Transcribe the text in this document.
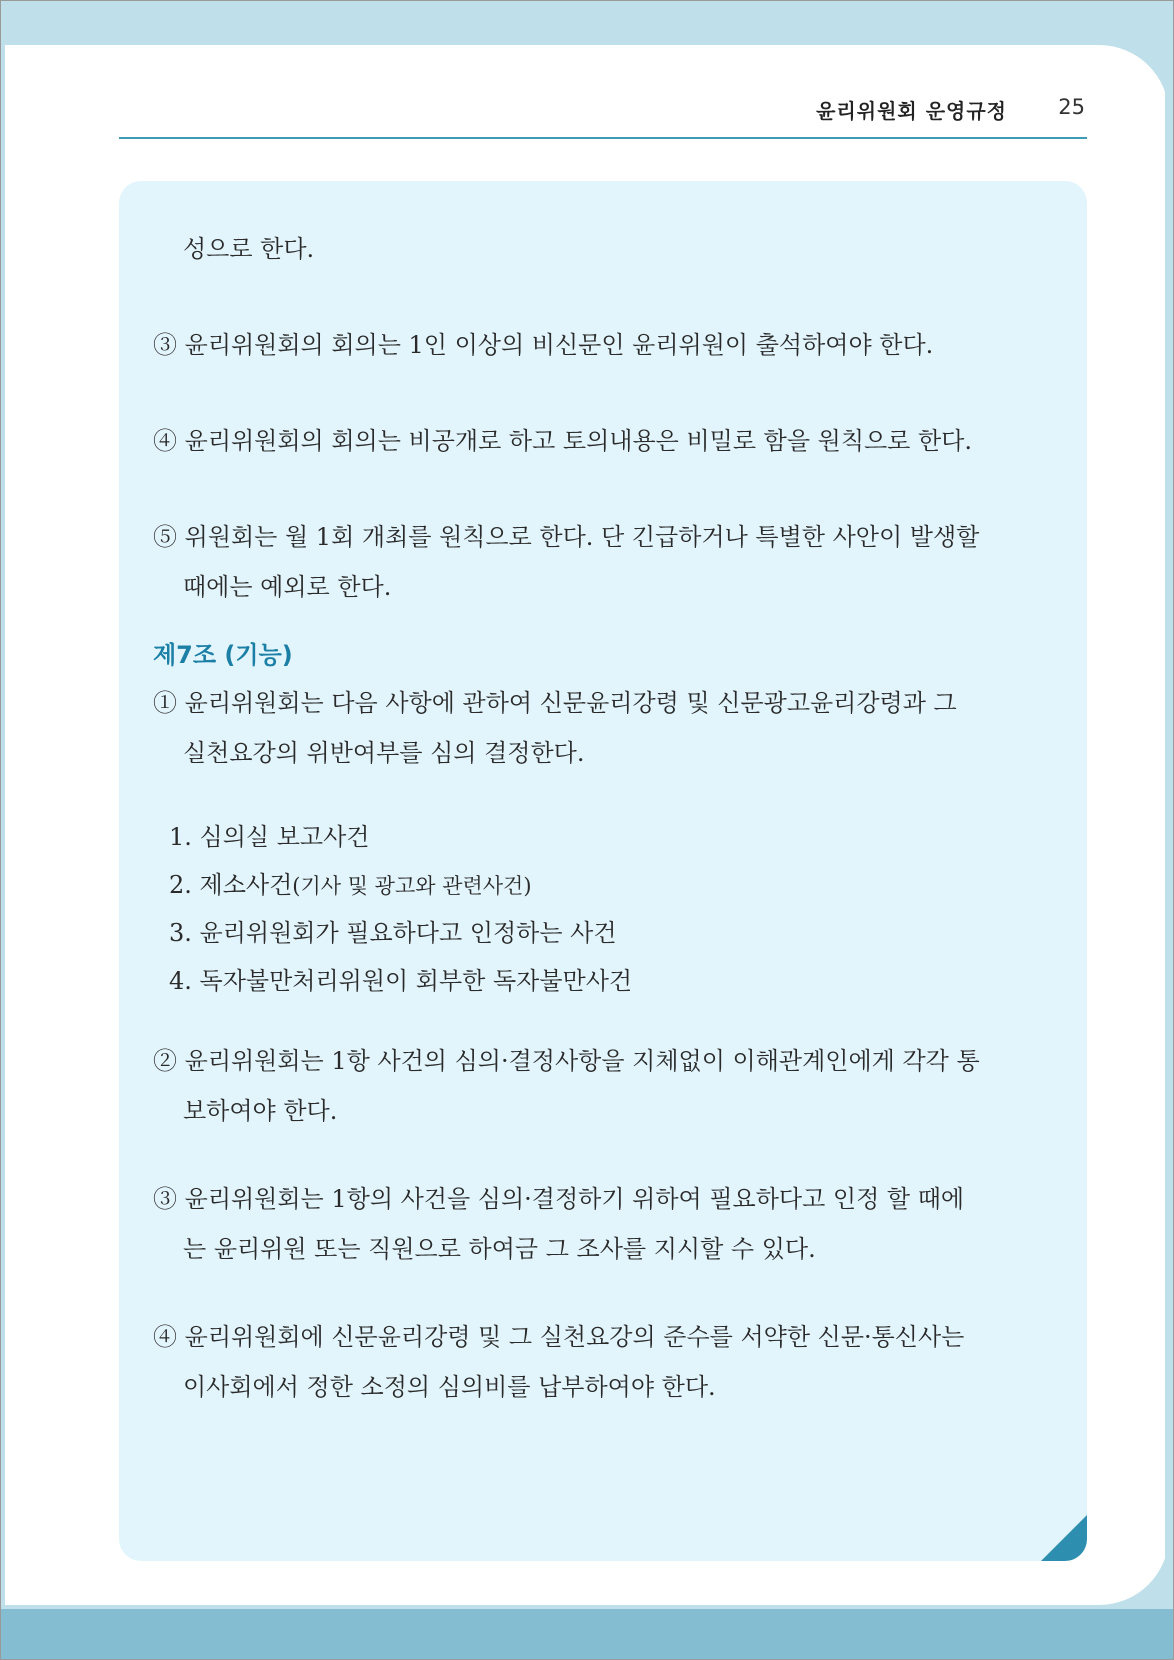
윤리위원회 운영규정 25
성으로 한다.
③ 윤리위원회의 회의는 1인 이상의 비신문인 윤리위원이 출석하여야 한다.
④ 윤리위원회의 회의는 비공개로 하고 토의내용은 비밀로 함을 원칙으로 한다.
⑤ 위원회는 월 1회 개최를 원칙으로 한다. 단 긴급하거나 특별한 사안이 발생할
때에는 예외로 한다.
제7조 (기능)
① 윤리위원회는 다음 사항에 관하여 신문윤리강령 및 신문광고윤리강령과 그
실천요강의 위반여부를 심의 결정한다.
1. 심의실 보고사건
2. 제소사건(기사 및 광고와 관련사건)
3. 윤리위원회가 필요하다고 인정하는 사건
4. 독자불만처리위원이 회부한 독자불만사건
② 윤리위원회는 1항 사건의 심의·결정사항을 지체없이 이해관계인에게 각각 통
보하여야 한다.
③ 윤리위원회는 1항의 사건을 심의·결정하기 위하여 필요하다고 인정 할 때에
는 윤리위원 또는 직원으로 하여금 그 조사를 지시할 수 있다.
④ 윤리위원회에 신문윤리강령 및 그 실천요강의 준수를 서약한 신문·통신사는
이사회에서 정한 소정의 심의비를 납부하여야 한다.
